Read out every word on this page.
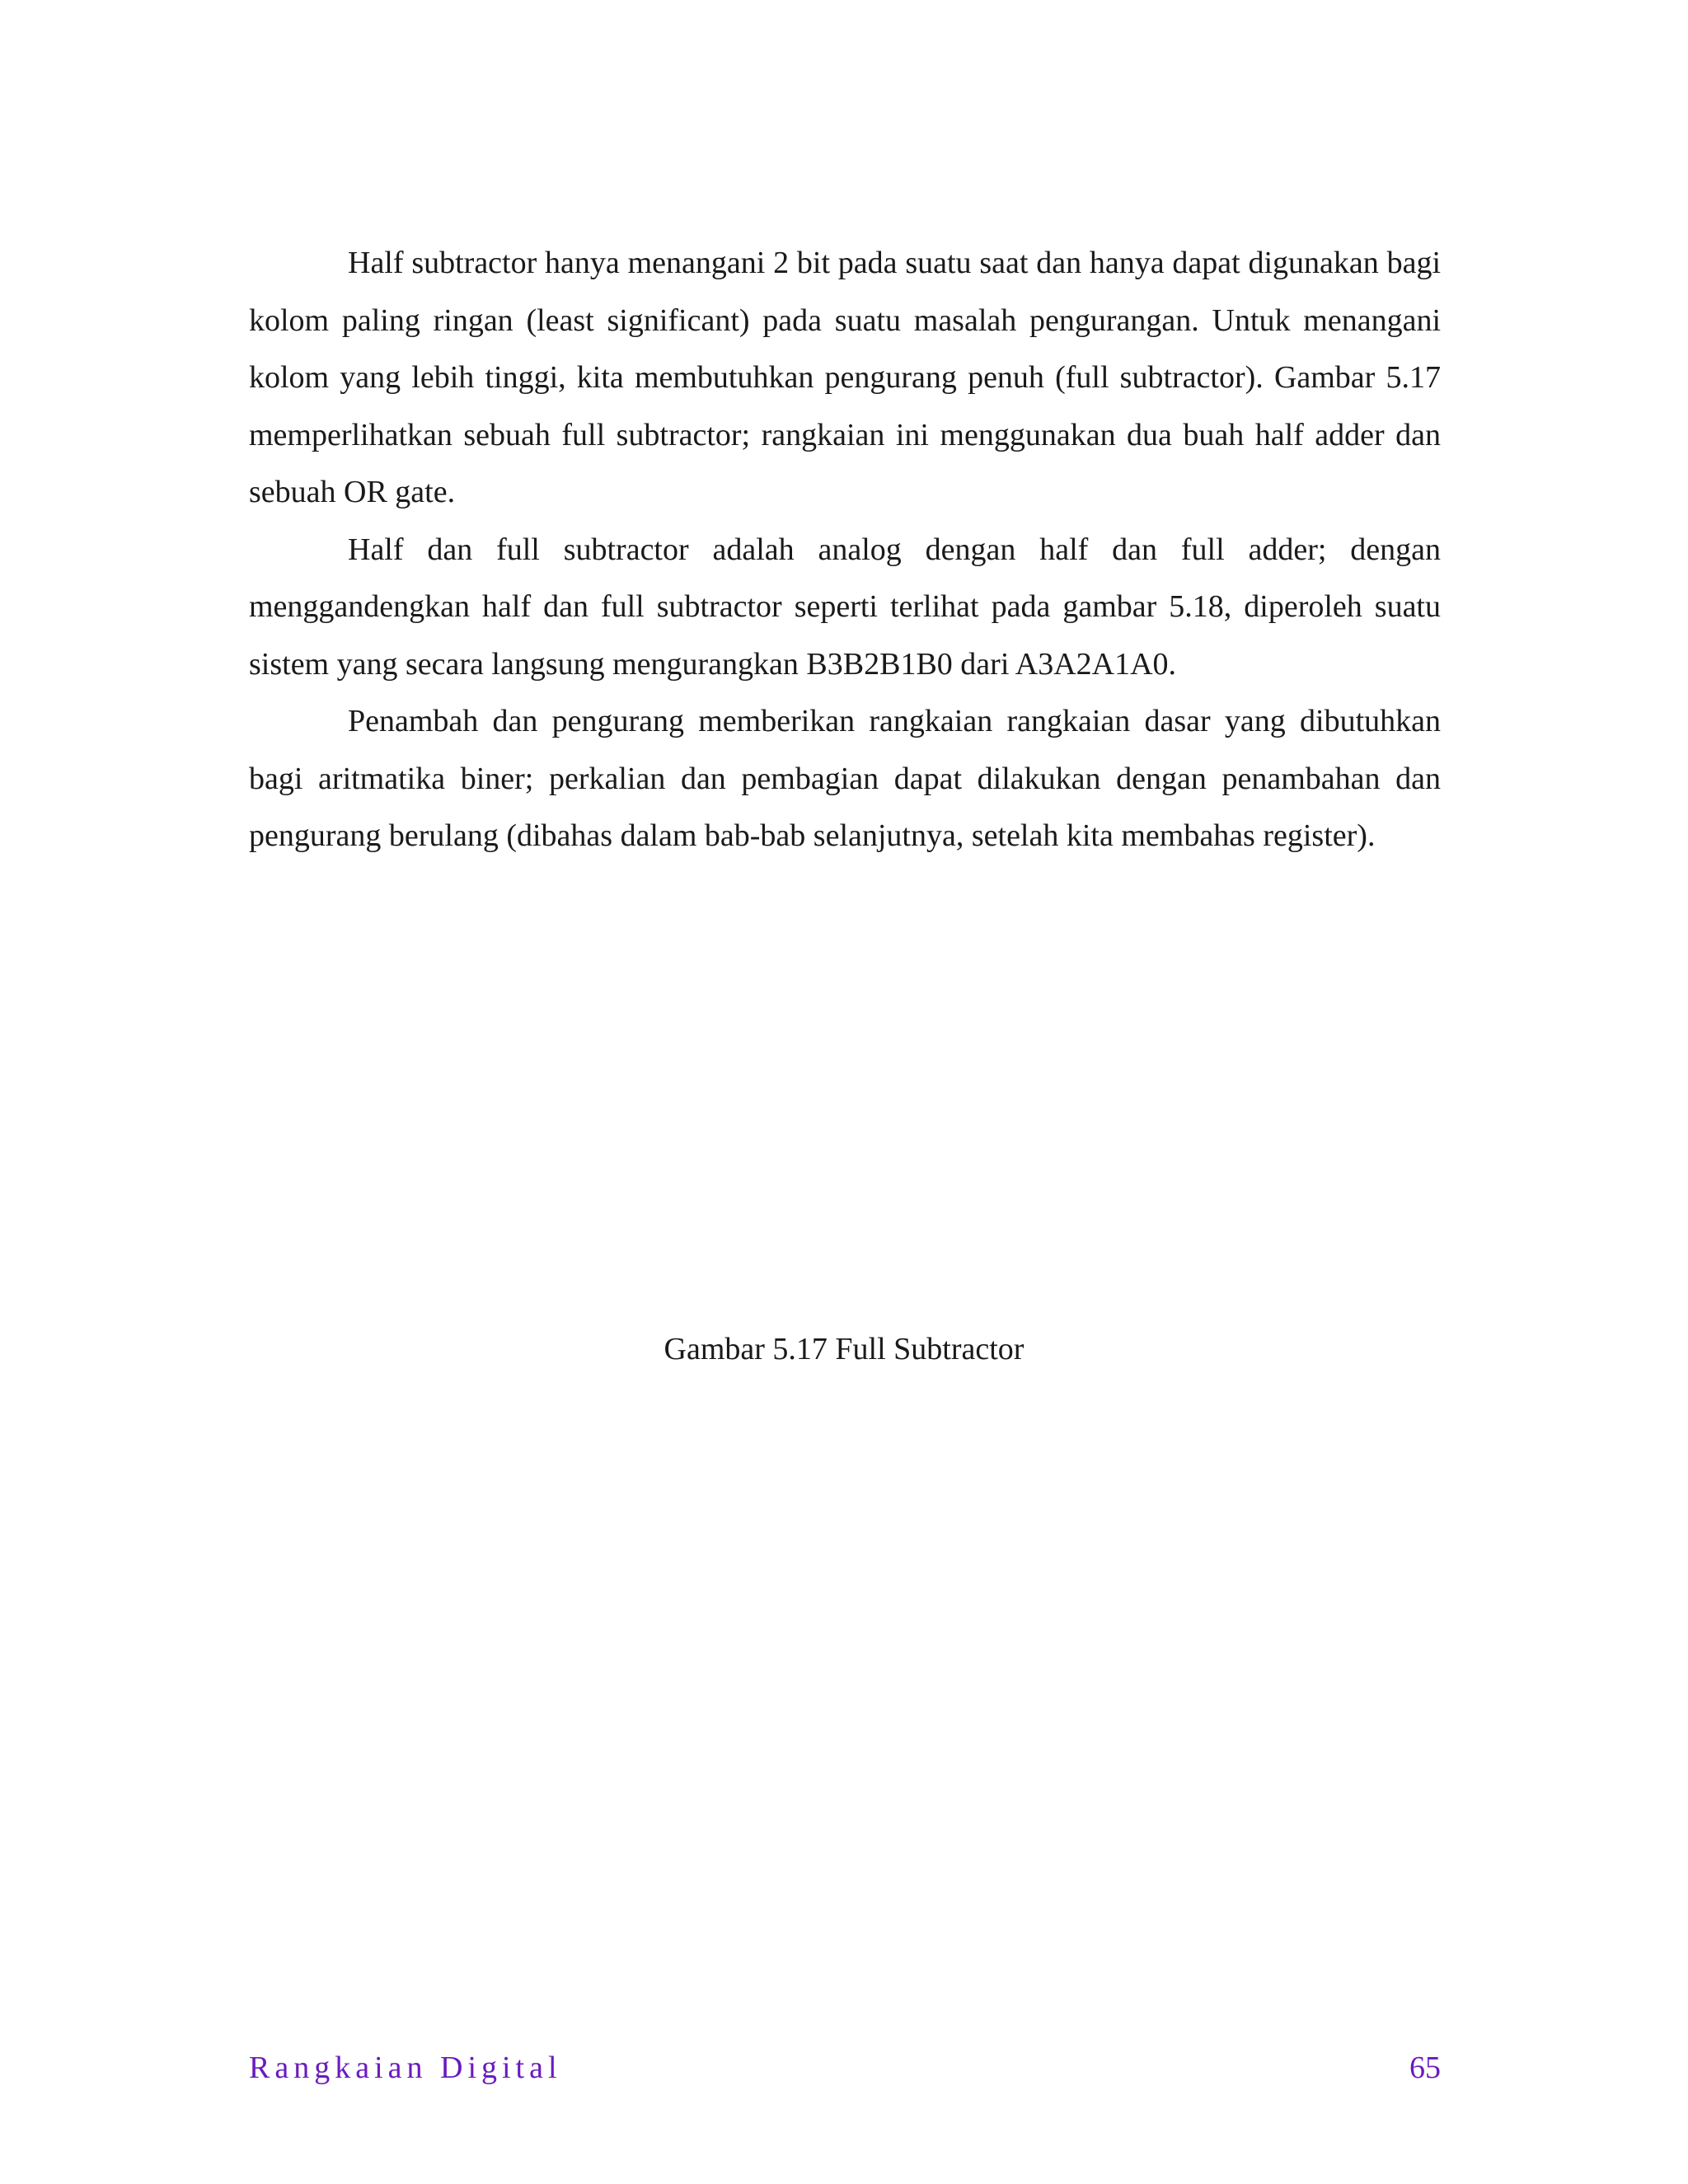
Half subtractor hanya menangani 2 bit pada suatu saat dan hanya dapat digunakan bagi kolom paling ringan (least significant) pada suatu masalah pengurangan. Untuk menangani kolom yang lebih tinggi, kita membutuhkan pengurang penuh (full subtractor). Gambar 5.17 memperlihatkan sebuah full subtractor; rangkaian ini menggunakan dua buah half adder dan sebuah OR gate.

Half dan full subtractor adalah analog dengan half dan full adder; dengan menggandengkan half dan full subtractor seperti terlihat pada gambar 5.18, diperoleh suatu sistem yang secara langsung mengurangkan B3B2B1B0 dari A3A2A1A0.

Penambah dan pengurang memberikan rangkaian rangkaian dasar yang dibutuhkan bagi aritmatika biner; perkalian dan pembagian dapat dilakukan dengan penambahan dan pengurang berulang (dibahas dalam bab-bab selanjutnya, setelah kita membahas register).

Gambar 5.17 Full Subtractor
Rangkaian Digital	65
